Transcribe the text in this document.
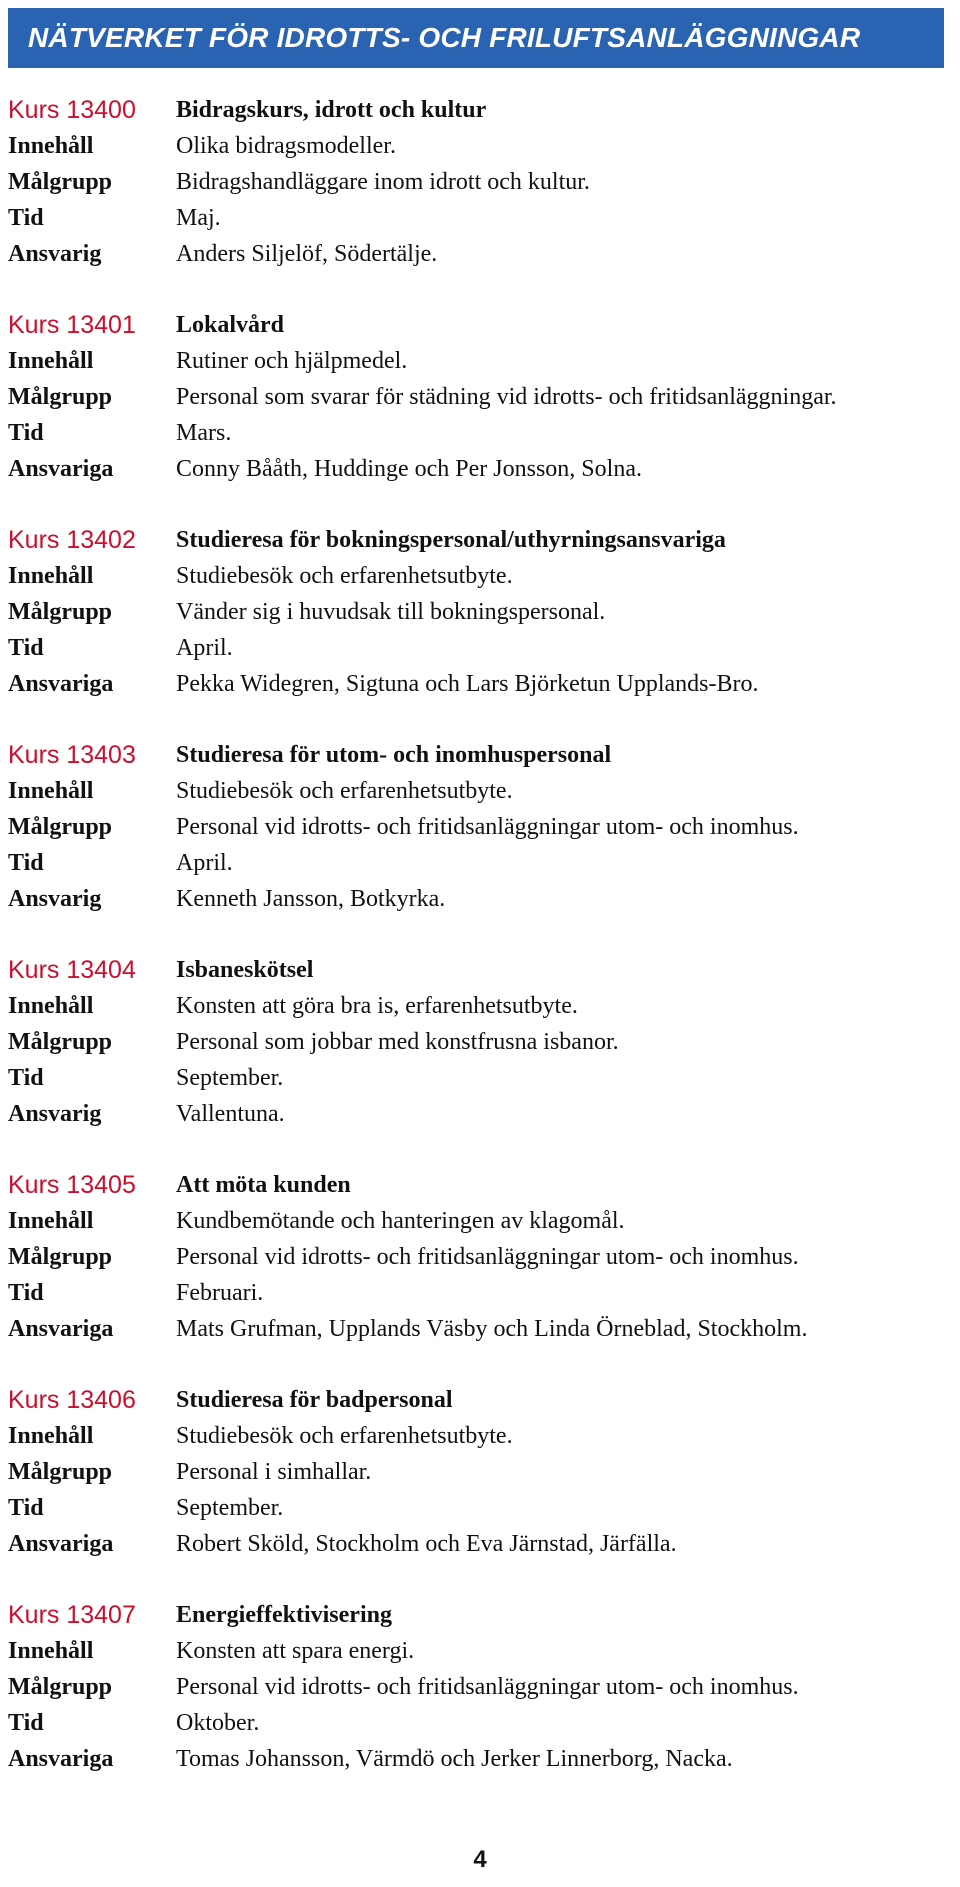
NÄTVERKET FÖR IDROTTS- OCH FRILUFTSANLÄGGNINGAR
Kurs 13400	Bidragskurs, idrott och kultur
Innehåll	Olika bidragsmodeller.
Målgrupp	Bidragshandläggare inom idrott och kultur.
Tid	Maj.
Ansvarig	Anders Siljelöf, Södertälje.
Kurs 13401	Lokalvård
Innehåll	Rutiner och hjälpmedel.
Målgrupp	Personal som svarar för städning vid idrotts- och fritidsanläggningar.
Tid	Mars.
Ansvariga	Conny Bååth, Huddinge och Per Jonsson, Solna.
Kurs 13402	Studieresa för bokningspersonal/uthyrningsansvariga
Innehåll	Studiebesök och erfarenhetsutbyte.
Målgrupp	Vänder sig i huvudsak till bokningspersonal.
Tid	April.
Ansvariga	Pekka Widegren, Sigtuna och Lars Björketun Upplands-Bro.
Kurs 13403	Studieresa för utom- och inomhuspersonal
Innehåll	Studiebesök och erfarenhetsutbyte.
Målgrupp	Personal vid idrotts- och fritidsanläggningar utom- och inomhus.
Tid	April.
Ansvarig	Kenneth Jansson, Botkyrka.
Kurs 13404	Isbaneskötsel
Innehåll	Konsten att göra bra is, erfarenhetsutbyte.
Målgrupp	Personal som jobbar med konstfrusna isbanor.
Tid	September.
Ansvarig	Vallentuna.
Kurs 13405	Att möta kunden
Innehåll	Kundbemötande och hanteringen av klagomål.
Målgrupp	Personal vid idrotts- och fritidsanläggningar utom- och inomhus.
Tid	Februari.
Ansvariga	Mats Grufman, Upplands Väsby och Linda Örneblad, Stockholm.
Kurs 13406	Studieresa för badpersonal
Innehåll	Studiebesök och erfarenhetsutbyte.
Målgrupp	Personal i simhallar.
Tid	September.
Ansvariga	Robert Sköld, Stockholm och Eva Järnstad, Järfälla.
Kurs 13407	Energieffektivisering
Innehåll	Konsten att spara energi.
Målgrupp	Personal vid idrotts- och fritidsanläggningar utom- och inomhus.
Tid	Oktober.
Ansvariga	Tomas Johansson, Värmdö och Jerker Linnerborg, Nacka.
4
